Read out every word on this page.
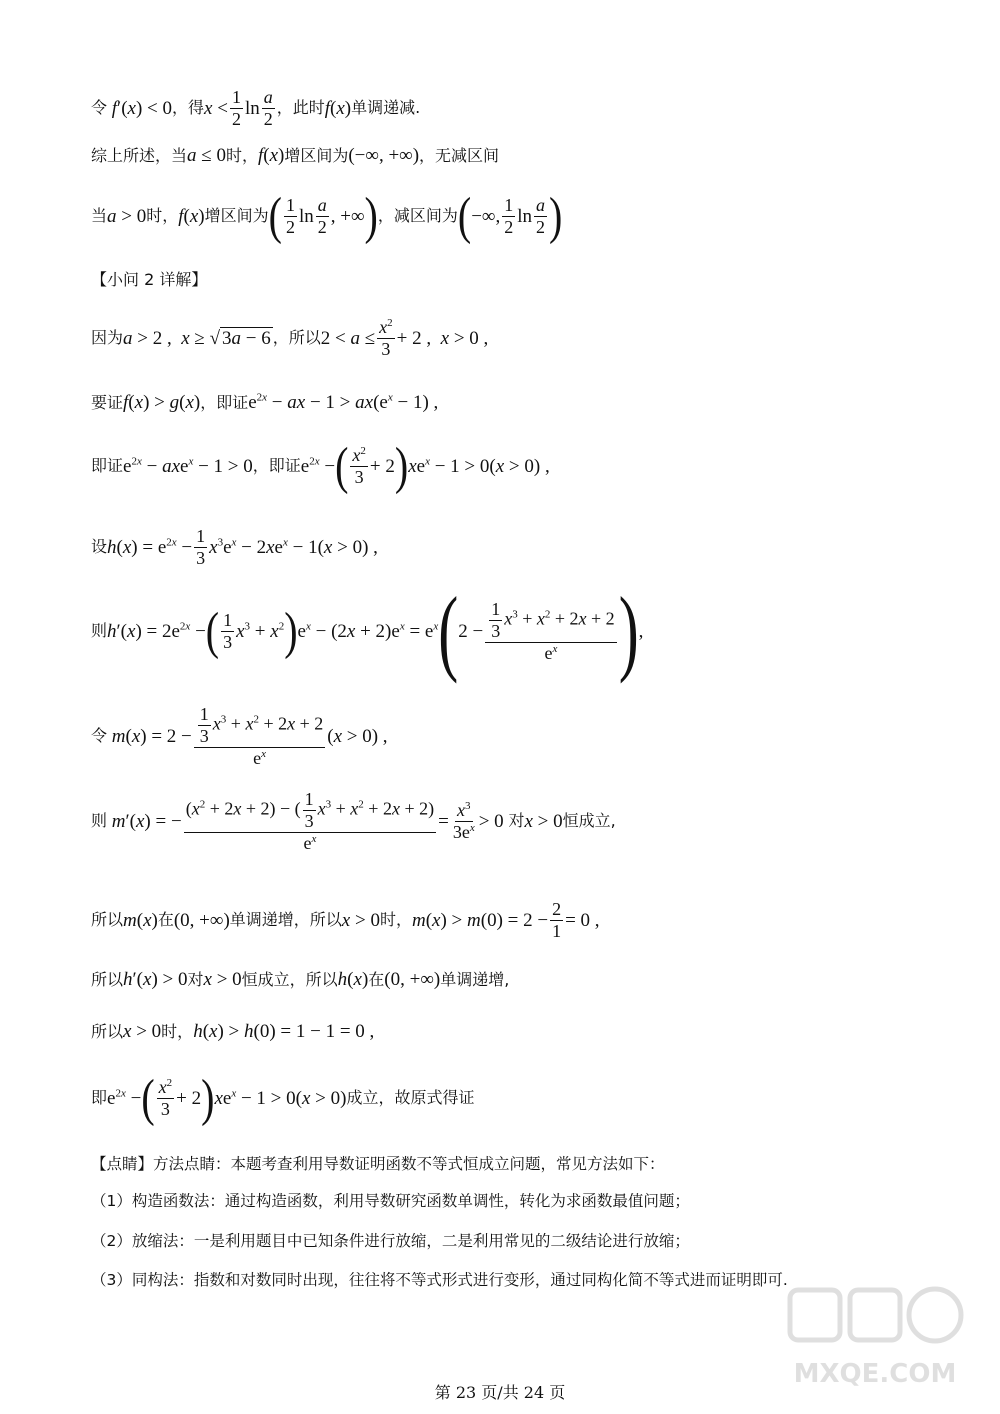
令 f′(x) < 0 ，得 $x < \frac{1}{2}$ $\ln \frac{a}{2}$ ，此时 f(x) 单调递减.
综上所述，当 a ≤ 0 时， f(x) 增区间为 (−∞, +∞) ，无减区间
当 a > 0 时， f(x) 增区间为 ( $\frac{1}{2}$ $\ln \frac{a}{2}$ , +∞ ) ，减区间为 ( −∞, $\frac{1}{2}$ $\ln \frac{a}{2}$ )
【小问 2 详解】
因为 a > 2 ,  x ≥ √ 3a − 6 ，所以 $2 < a \le \frac{x^2}{3} + 2$ ,  x > 0 ,
要证 f(x) > g(x) ，即证 $e^{2x}$ − ax − $1 > ax(e^x - 1)$ ,
即证 $e^{2x} - axe^x - 1 > 0$ ，即证 $e^{2x}$ − ( $\frac{x^2}{3} + 2$ ) $xe^x - 1 > 0(x > 0)$ ,
设 $h(x) = e^{2x} - \frac{1}{3} x^3e^x - 2xe^x - 1(x > 0)$ ,
则 $h'(x) = 2e^{2x}$ − ( $\frac{1}{3} x^3 + x^2$ ) $e^x - (2x + 2)e^x = e^x$ ( $2 - \frac{\frac{1}{3} x^3 + x^2 + 2x + 2}{e^x}$ ) ,
令 $m(x) = 2 - \frac{\frac{1}{3} x^3 + x^2 + 2x + 2}{e^x} (x > 0)$ ,
则 m′(x) = − $\frac{(x^2 + 2x + 2) - ( \frac{1}{3} x^3 + x^2 + 2x + 2)}{e^x} = \frac{x^3}{3e^x} > 0$ 对 x > 0 恒成立,
所以 m(x) 在 (0, +∞) 单调递增，所以 x > 0 时， $m(x) > m(0) = 2 - \frac{2}{1} = 0$ ,
所以 h′(x) > 0 对 x > 0 恒成立，所以 h(x) 在 (0, +∞) 单调递增,
所以 x > 0 时， h(x) > h(0) = 1 − 1 = 0 ,
即 $e^{2x}$ − ( $\frac{x^2}{3} + 2$ ) $xe^x - 1 > 0(x > 0)$ 成立，故原式得证
【点睛】方法点睛：本题考查利用导数证明函数不等式恒成立问题，常见方法如下：
（1）构造函数法：通过构造函数，利用导数研究函数单调性，转化为求函数最值问题；
（2）放缩法：一是利用题目中已知条件进行放缩，二是利用常见的二级结论进行放缩；
（3）同构法：指数和对数同时出现，往往将不等式形式进行变形，通过同构化简不等式进而证明即可.
MXQE.COM
第 23 页/共 24 页
